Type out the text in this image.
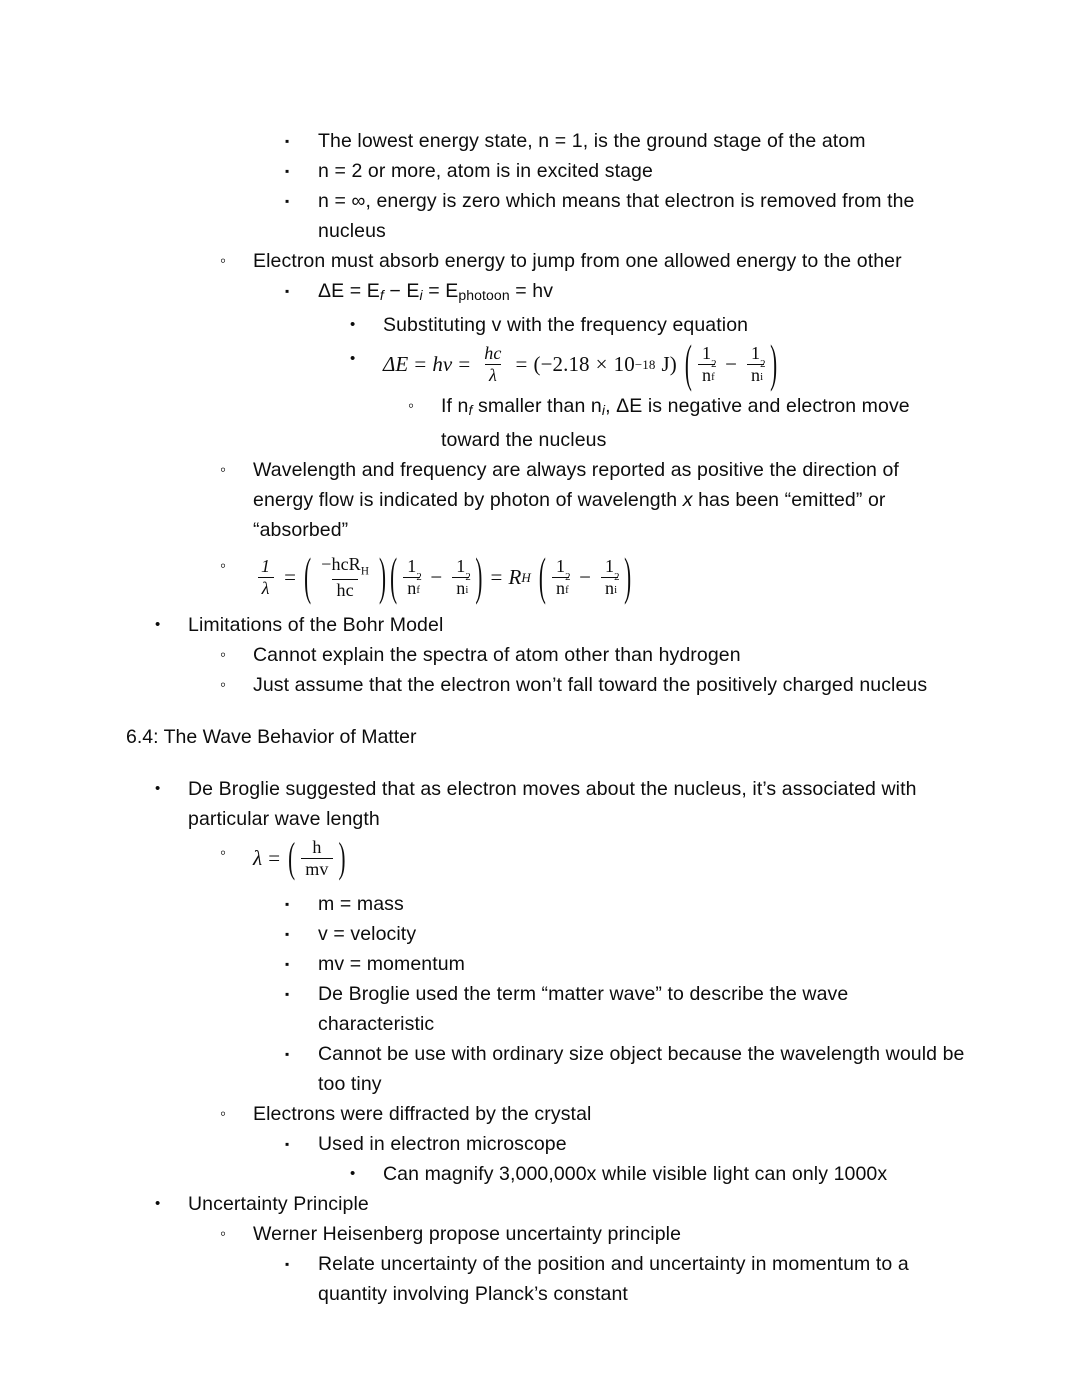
▪	The lowest energy state, n = 1, is the ground stage of the atom
▪	n = 2 or more, atom is in excited stage
▪	n = ∞, energy is zero which means that electron is removed from the nucleus
◦	Electron must absorb energy to jump from one allowed energy to the other
▪	$\Delta E = E_f - E_i = E_{photoon}$ = hv
•	Substituting v with the frequency equation
•	ΔE = hv = $\frac{hc}{\lambda}$ = ( −2.18 × 10 −18 J ) ( 1
n
2
f − 1
n
2
i )
◦	If $n_f$ smaller than $n_i$, ΔE is negative and electron move toward the nucleus
◦	Wavelength and frequency are always reported as positive the direction of energy flow is indicated by photon of wavelength x has been “emitted” or “absorbed”
◦	$\frac{1}{\lambda}$ = ( $\frac{-hcR_H}{hc}$ ) ( 1
n
2
f − 1
n
2
i ) = R H ( 1
n
2
f − 1
n
2
i )
•	Limitations of the Bohr Model
◦	Cannot explain the spectra of atom other than hydrogen
◦	Just assume that the electron won’t fall toward the positively charged nucleus
6.4: The Wave Behavior of Matter
•	De Broglie suggested that as electron moves about the nucleus, it’s associated with particular wave length
◦	λ = ( $\frac{h}{mv}$ )
▪	m = mass
▪	v = velocity
▪	mv = momentum
▪	De Broglie used the term “matter wave” to describe the wave characteristic
▪	Cannot be use with ordinary size object because the wavelength would be too tiny
◦	Electrons were diffracted by the crystal
▪	Used in electron microscope
•	Can magnify 3,000,000x while visible light can only 1000x
•	Uncertainty Principle
◦	Werner Heisenberg propose uncertainty principle
▪	Relate uncertainty of the position and uncertainty in momentum to a quantity involving Planck’s constant
